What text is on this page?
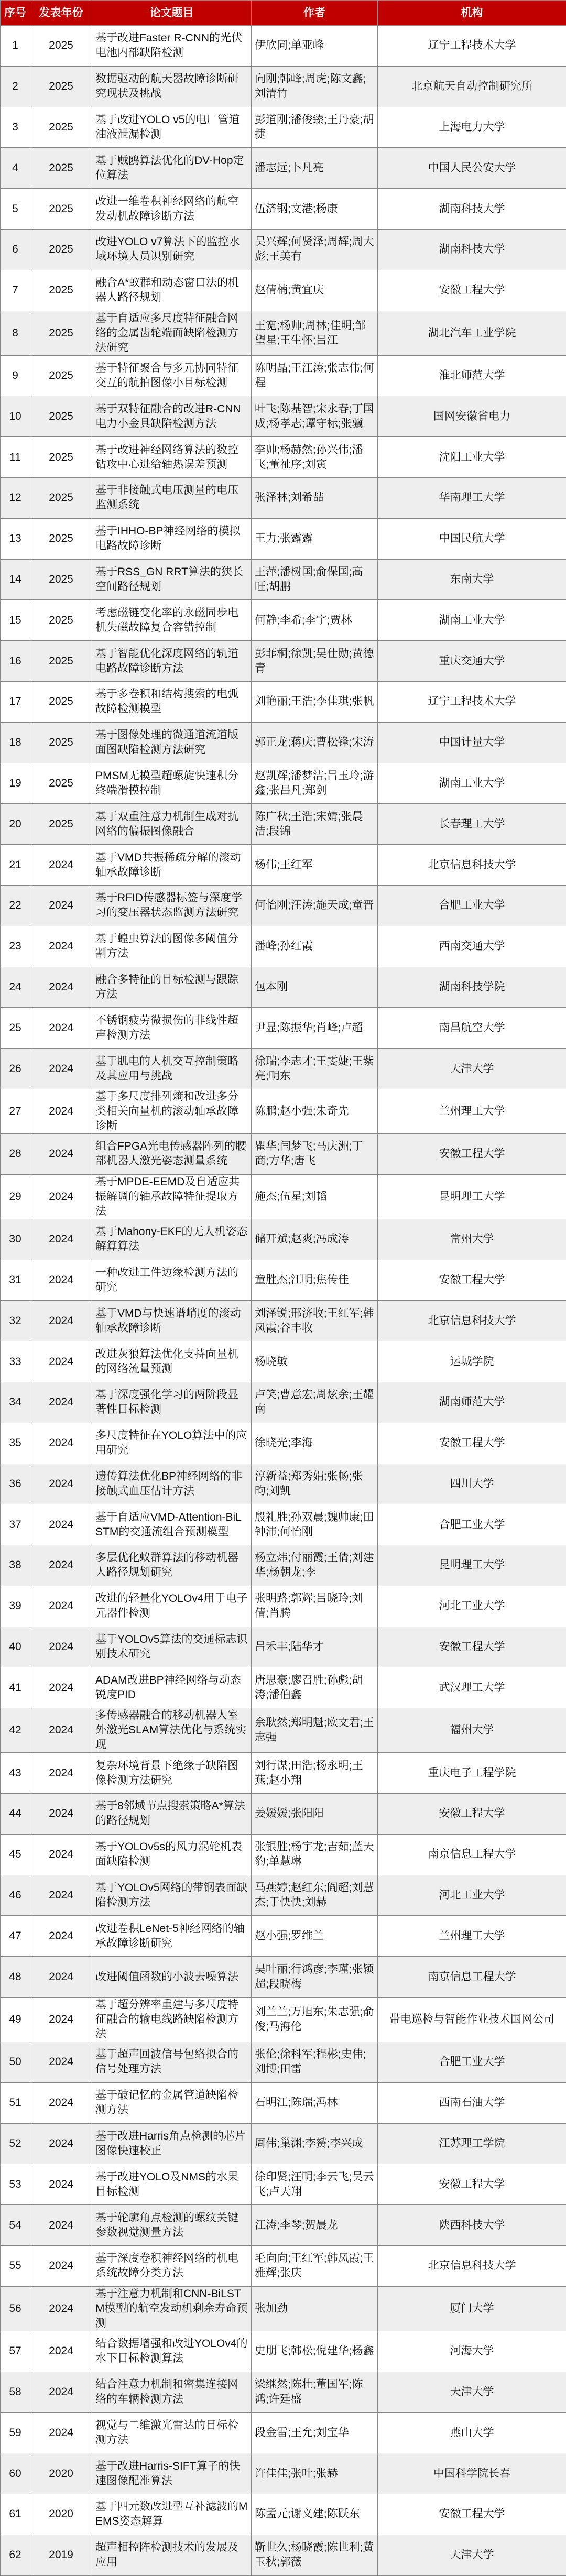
序号	发表年份	论文题目	作者	机构
1	2025	基于改进Faster R-CNN的光伏电池内部缺陷检测	伊欣同;单亚峰	辽宁工程技术大学
2	2025	数据驱动的航天器故障诊断研究现状及挑战	向刚;韩峰;周虎;陈文鑫;刘清竹	北京航天自动控制研究所
3	2025	基于改进YOLO v5的电厂管道油液泄漏检测	彭道刚;潘俊臻;王丹豪;胡捷	上海电力大学
4	2025	基于贼鸥算法优化的DV-Hop定位算法	潘志远;卜凡亮	中国人民公安大学
5	2025	改进一维卷积神经网络的航空发动机故障诊断方法	伍济钢;文港;杨康	湖南科技大学
6	2025	改进YOLO v7算法下的监控水域环境人员识别研究	吴兴辉;何贤泽;周辉;周大彪;王美有	湖南科技大学
7	2025	融合A*蚁群和动态窗口法的机器人路径规划	赵倩楠;黄宜庆	安徽工程大学
8	2025	基于自适应多尺度特征融合网络的金属齿轮端面缺陷检测方法研究	王宽;杨帅;周林;佳明;邹望星;王生怀;吕江	湖北汽车工业学院
9	2025	基于特征聚合与多元协同特征交互的航拍图像小目标检测	陈明晶;王江涛;张志伟;何程	淮北师范大学
10	2025	基于双特征融合的改进R-CNN电力小金具缺陷检测方法	叶飞;陈基智;宋永春;丁国成;杨孝志;谭守标;张骥	国网安徽省电力
11	2025	基于改进神经网络算法的数控钻攻中心进给轴热误差预测	李帅;杨赫然;孙兴伟;潘飞;董祉序;刘寅	沈阳工业大学
12	2025	基于非接触式电压测量的电压监测系统	张泽林;刘希喆	华南理工大学
13	2025	基于IHHO-BP神经网络的模拟电路故障诊断	王力;张露露	中国民航大学
14	2025	基于RSS_GN RRT算法的狭长空间路径规划	王萍;潘树国;俞保国;高旺;胡鹏	东南大学
15	2025	考虑磁链变化率的永磁同步电机失磁故障复合容错控制	何静;李希;李宇;贾林	湖南工业大学
16	2025	基于智能优化深度网络的轨道电路故障诊断方法	彭菲桐;徐凯;吴仕勋;黄德青	重庆交通大学
17	2025	基于多卷积和结构搜索的电弧故障检测模型	刘艳丽;王浩;李佳琪;张帆	辽宁工程技术大学
18	2025	基于图像处理的微通道流道版面图缺陷检测方法研究	郭正龙;蒋庆;曹松锋;宋涛	中国计量大学
19	2025	PMSM无模型超螺旋快速积分终端滑模控制	赵凯辉;潘梦洁;吕玉玲;游鑫;张昌凡;郑剑	湖南工业大学
20	2025	基于双重注意力机制生成对抗网络的偏振图像融合	陈广秋;王浩;宋婧;张晨洁;段锦	长春理工大学
21	2024	基于VMD共振稀疏分解的滚动轴承故障诊断	杨伟;王红军	北京信息科技大学
22	2024	基于RFID传感器标签与深度学习的变压器状态监测方法研究	何怡刚;汪涛;施天成;童晋	合肥工业大学
23	2024	基于蝗虫算法的图像多阈值分割方法	潘峰;孙红霞	西南交通大学
24	2024	融合多特征的目标检测与跟踪方法	包本刚	湖南科技学院
25	2024	不锈钢疲劳微损伤的非线性超声检测方法	尹显;陈振华;肖峰;卢超	南昌航空大学
26	2024	基于肌电的人机交互控制策略及其应用与挑战	徐瑞;李志才;王雯婕;王紫亮;明东	天津大学
27	2024	基于多尺度排列熵和改进多分类相关向量机的滚动轴承故障诊断	陈鹏;赵小强;朱奇先	兰州理工大学
28	2024	组合FPGA光电传感器阵列的腰部机器人激光姿态测量系统	瞿华;闫梦飞;马庆洲;丁商;方华;唐飞	安徽工程大学
29	2024	基于MPDE-EEMD及自适应共振解调的轴承故障特征提取方法	施杰;伍星;刘韬	昆明理工大学
30	2024	基于Mahony-EKF的无人机姿态解算算法	储开斌;赵爽;冯成涛	常州大学
31	2024	一种改进工件边缘检测方法的研究	童胜杰;江明;焦传佳	安徽工程大学
32	2024	基于VMD与快速谱峭度的滚动轴承故障诊断	刘泽锐;邢济收;王红军;韩凤霞;谷丰收	北京信息科技大学
33	2024	改进灰狼算法优化支持向量机的网络流量预测	杨晓敏	运城学院
34	2024	基于深度强化学习的两阶段显著性目标检测	卢笑;曹意宏;周炫余;王耀南	湖南师范大学
35	2024	多尺度特征在YOLO算法中的应用研究	徐晓光;李海	安徽工程大学
36	2024	遗传算法优化BP神经网络的非接触式血压估计方法	淳新益;郑秀娟;张畅;张昀;刘凯	四川大学
37	2024	基于自适应VMD-Attention-BiLSTM的交通流组合预测模型	殷礼胜;孙双晨;魏帅康;田钟沛;何怡刚	合肥工业大学
38	2024	多层优化蚁群算法的移动机器人路径规划研究	杨立炜;付丽霞;王倩;刘建华;杨朝龙;李	昆明理工大学
39	2024	改进的轻量化YOLOv4用于电子元器件检测	张明路;郭辉;吕晓玲;刘倩;肖腾	河北工业大学
40	2024	基于YOLOv5算法的交通标志识别技术研究	吕禾丰;陆华才	安徽工程大学
41	2024	ADAM改进BP神经网络与动态锐度PID	唐思豪;廖召胜;孙彪;胡涛;潘伯鑫	武汉理工大学
42	2024	多传感器融合的移动机器人室外激光SLAM算法优化与系统实现	余耿然;郑明魁;欧文君;王志强	福州大学
43	2024	复杂环境背景下绝缘子缺陷图像检测方法研究	刘行谋;田浩;杨永明;王燕;赵小翔	重庆电子工程学院
44	2024	基于8邻域节点搜索策略A*算法的路径规划	姜媛媛;张阳阳	安徽工程大学
45	2024	基于YOLOv5s的风力涡轮机表面缺陷检测	张银胜;杨宇龙;吉茹;蓝天豹;单慧琳	南京信息工程大学
46	2024	基于YOLOv5网络的带钢表面缺陷检测方法	马燕婷;赵红东;阎超;刘慧杰;于快快;刘赫	河北工业大学
47	2024	改进卷积LeNet-5神经网络的轴承故障诊断研究	赵小强;罗维兰	兰州理工大学
48	2024	改进阈值函数的小波去噪算法	吴叶丽;行鸿彦;李瑾;张颖超;段晓梅	南京信息工程大学
49	2024	基于超分辨率重建与多尺度特征融合的输电线路缺陷检测方法	刘兰兰;万旭东;朱志强;俞俊;马海伦	带电巡检与智能作业技术国网公司
50	2024	基于超声回波信号包络拟合的信号处理方法	张伦;徐科军;程彬;史伟;刘博;田雷	合肥工业大学
51	2024	基于破记忆的金属管道缺陷检测方法	石明江;陈瑞;冯林	西南石油大学
52	2024	基于改进Harris角点检测的芯片图像快速校正	周伟;巢渊;李赟;李兴成	江苏理工学院
53	2024	基于改进YOLO及NMS的水果目标检测	徐印贤;汪明;李云飞;吴云飞;卢天翔	安徽工程大学
54	2024	基于轮廓角点检测的螺纹关键参数视觉测量方法	江涛;李琴;贺晨龙	陕西科技大学
55	2024	基于深度卷积神经网络的机电系统故障分类方法	毛向向;王红军;韩凤霞;王雅辉;张庆	北京信息科技大学
56	2024	基于注意力机制和CNN-BiLSTM模型的航空发动机剩余寿命预测	张加劲	厦门大学
57	2024	结合数据增强和改进YOLOv4的水下目标检测算法	史朋飞;韩松;倪建华;杨鑫	河海大学
58	2024	结合注意力机制和密集连接网络的车辆检测方法	梁继然;陈壮;董国军;陈鸿;许廷盛	天津大学
59	2024	视觉与二维激光雷达的目标检测方法	段金雷;王允;刘宝华	燕山大学
60	2020	基于改进Harris-SIFT算子的快速图像配准算法	许佳佳;张叶;张赫	中国科学院长春
61	2020	基于四元数改进型互补滤波的MEMS姿态解算	陈孟元;谢义建;陈跃东	安徽工程大学
62	2019	超声相控阵检测技术的发展及应用	靳世久;杨晓霞;陈世利;黄玉秋;郭薇	天津大学
